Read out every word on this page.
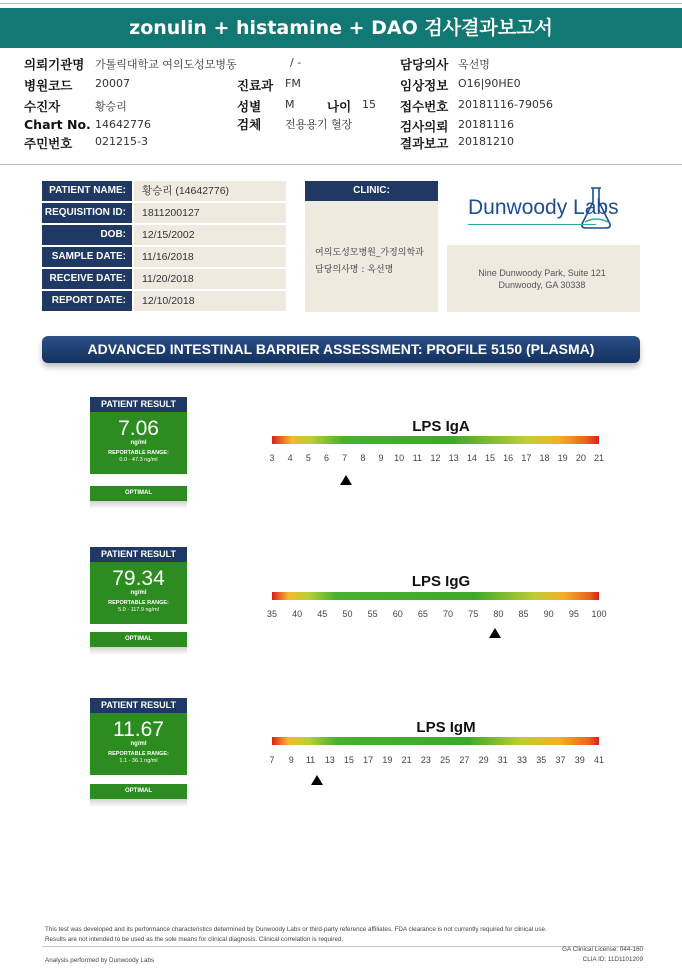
zonulin + histamine + DAO 검사결과보고서
의뢰기관명 가톨릭대학교 여의도성모병동	/ -	담당의사 옥선명
병원코드 20007	진료과 FM	임상정보 O16|90HE0
수진자	황승리	성별 M	나이 15 접수번호 20181116-79056
Chart No. 14642776	검체 전용용기 혈장	검사의뢰 20181116
주민번호 021215-3	결과보고 20181210
PATIENT NAME:	황승리 (14642776)
REQUISITION ID:	1811200127
DOB:	12/15/2002
SAMPLE DATE:	11/16/2018
RECEIVE DATE:	11/20/2018
REPORT DATE:	12/10/2018
CLINIC:
여의도성모병원_가정의학과
담당의사명 : 옥선명
Dunwoody Labs
Nine Dunwoody Park, Suite 121
Dunwoody, GA 30338
ADVANCED INTESTINAL BARRIER ASSESSMENT: PROFILE 5150 (PLASMA)
PATIENT RESULT
7.06
ng/ml
REPORTABLE RANGE:
0.0 - 47.3 ng/ml
OPTIMAL
PATIENT RESULT
79.34
ng/ml
REPORTABLE RANGE:
5.0 - 117.9 ng/ml
OPTIMAL
PATIENT RESULT
11.67
ng/ml
REPORTABLE RANGE:
1.1 - 36.1 ng/ml
OPTIMAL
LPS IgA
3	4	5	6	7	8	9	10 11 12 13 14 15 16 17 18 19 20 21
LPS IgG
35	40	45	50	55	60	65	70	75	80	85	90	95	100
LPS IgM
7	9	11	13	15	17	19	21	23	25	27	29	31	33	35	37	39	41
This test was developed and its performance characteristics determined by Dunwoody Labs or third-party reference affiliates. FDA clearance is not currently required for clinical use.
Results are not intended to be used as the sole means for clinical diagnosis. Clinical correlation is required.
Analysis performed by Dunwoody Labs
GA Clinical License: 044-160
CLIA ID: 11D1101209
